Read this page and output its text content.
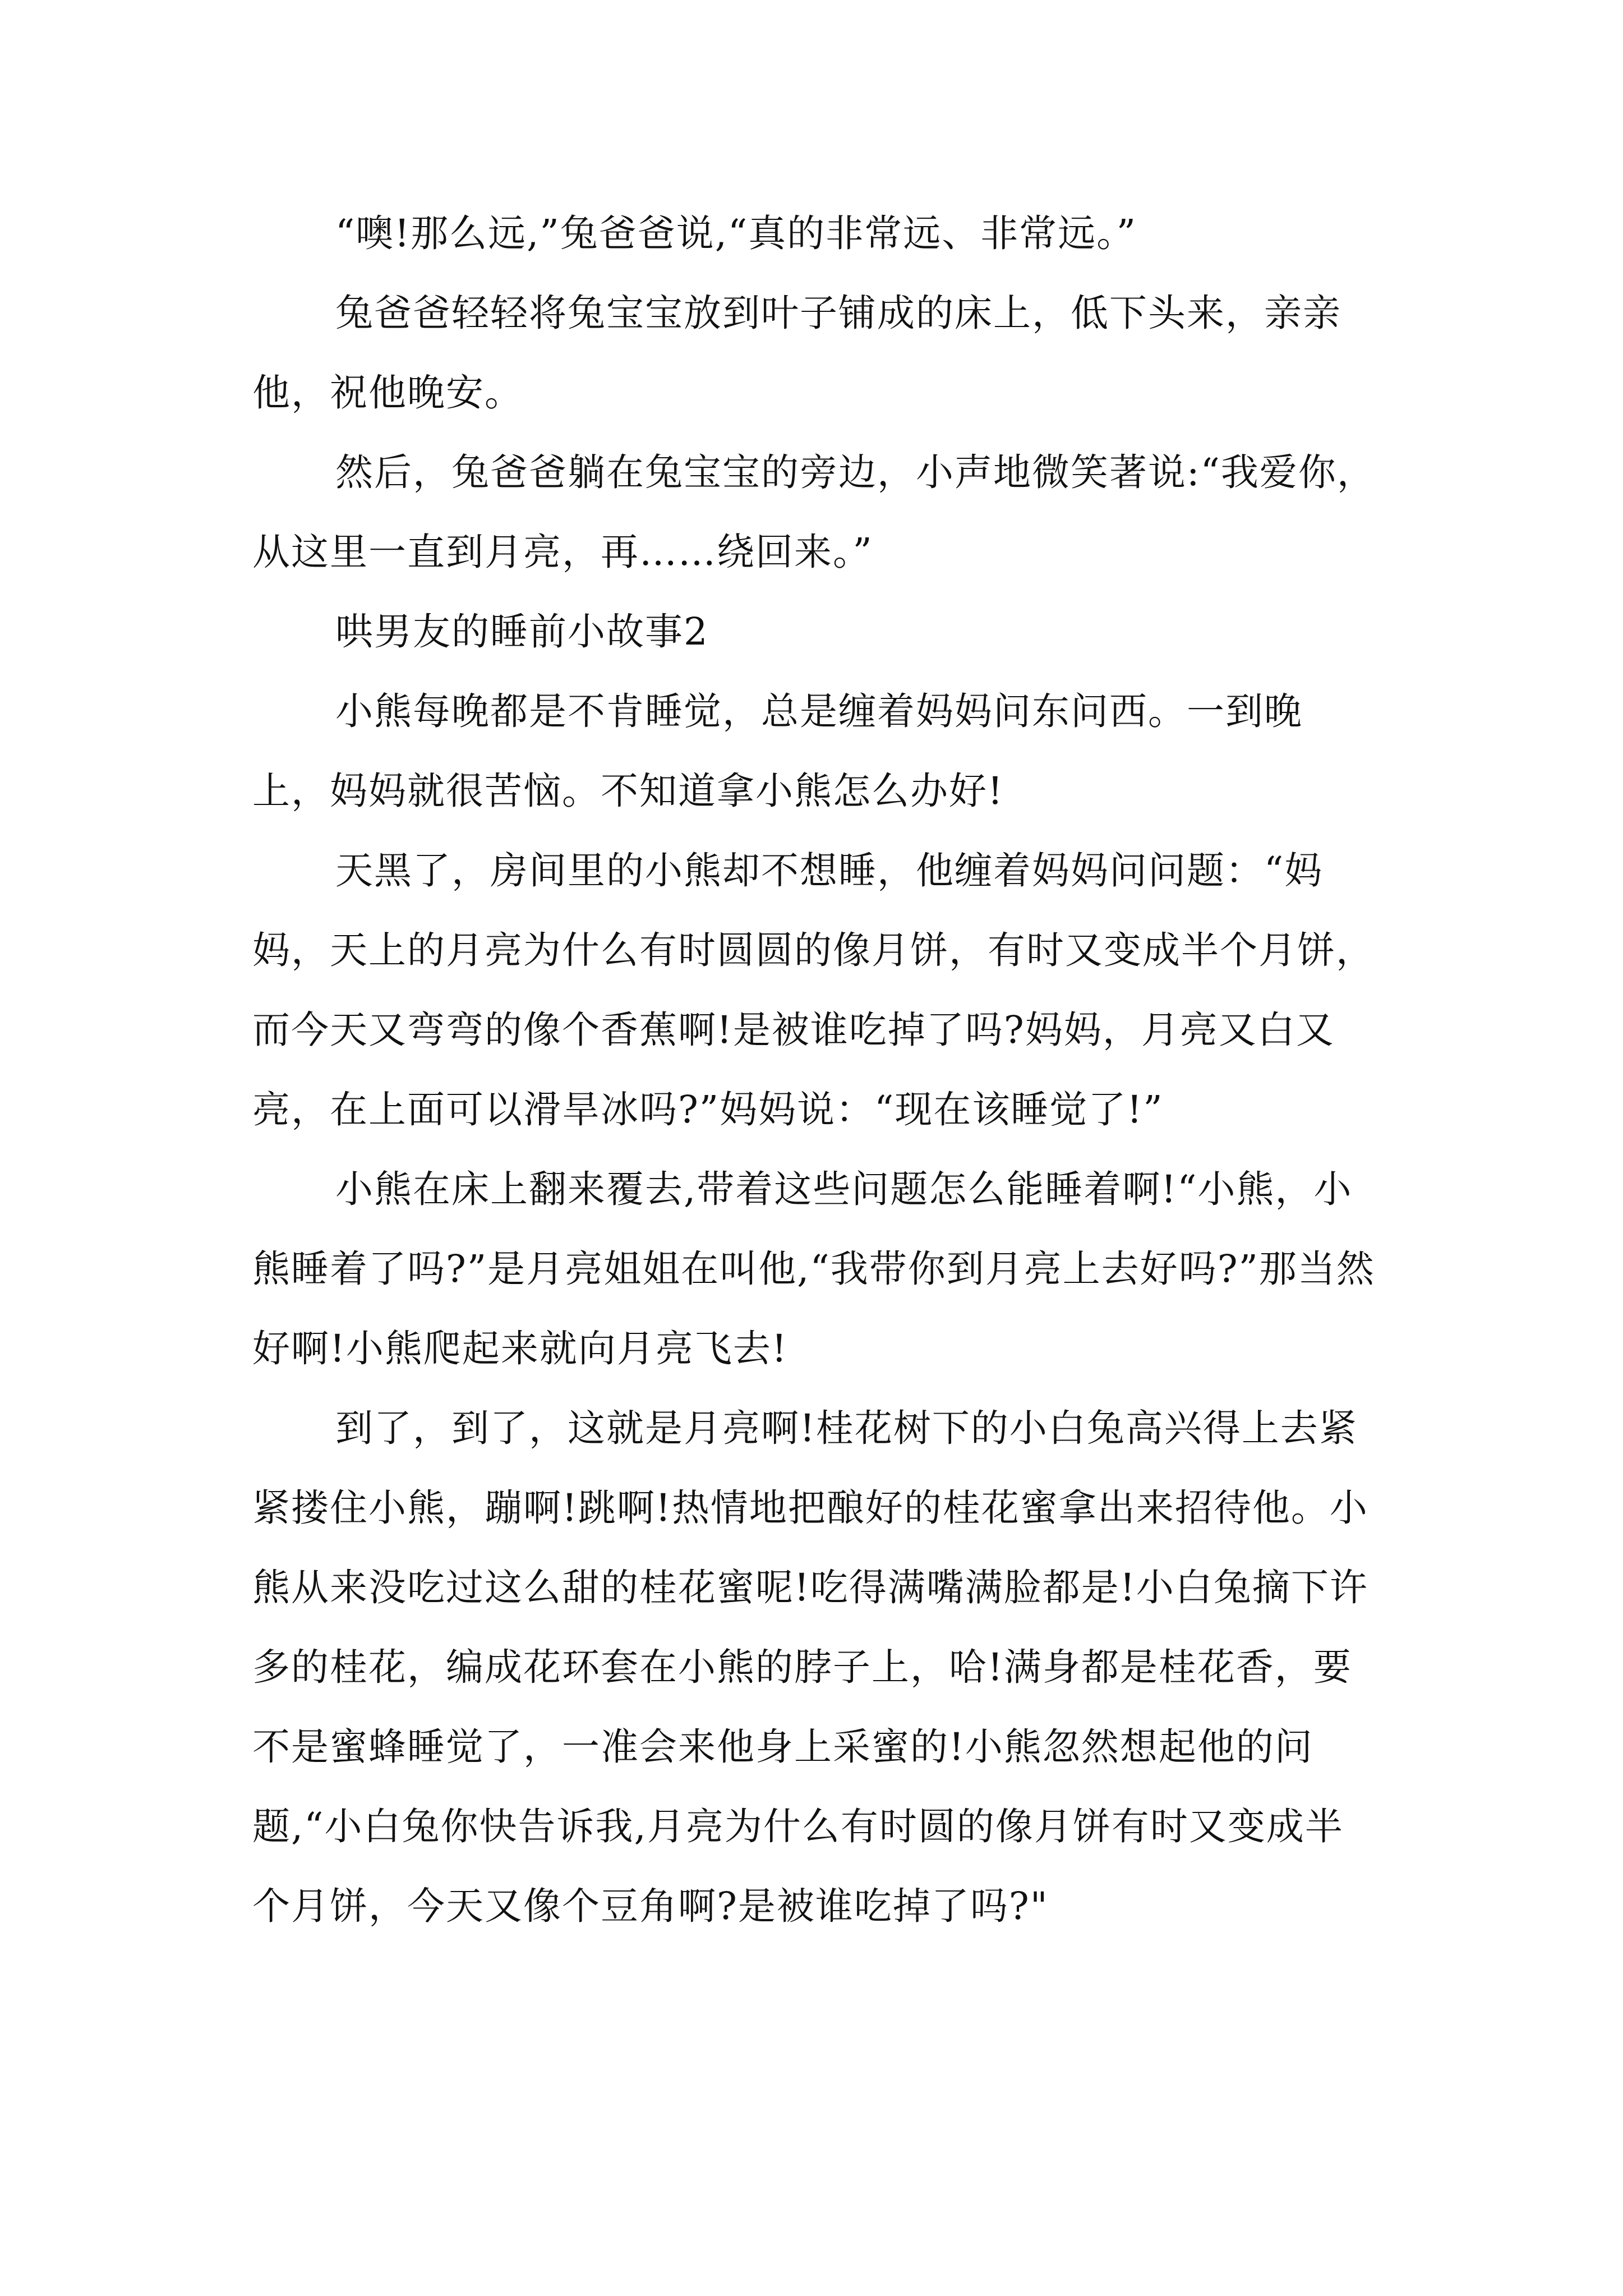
“噢!那么远,”兔爸爸说,“真的非常远、非常远。”

兔爸爸轻轻将兔宝宝放到叶子铺成的床上，低下头来，亲亲他，祝他晚安。

然后，兔爸爸躺在兔宝宝的旁边，小声地微笑著说:“我爱你，从这里一直到月亮，再……绕回来。”

哄男友的睡前小故事2

小熊每晚都是不肯睡觉，总是缠着妈妈问东问西。一到晚上，妈妈就很苦恼。不知道拿小熊怎么办好!

天黑了，房间里的小熊却不想睡，他缠着妈妈问问题：“妈妈，天上的月亮为什么有时圆圆的像月饼，有时又变成半个月饼，而今天又弯弯的像个香蕉啊!是被谁吃掉了吗?妈妈，月亮又白又亮，在上面可以滑旱冰吗?”妈妈说：“现在该睡觉了!”

小熊在床上翻来覆去,带着这些问题怎么能睡着啊!“小熊，小熊睡着了吗?”是月亮姐姐在叫他,“我带你到月亮上去好吗?”那当然好啊!小熊爬起来就向月亮飞去!

到了，到了，这就是月亮啊!桂花树下的小白兔高兴得上去紧紧搂住小熊，蹦啊!跳啊!热情地把酿好的桂花蜜拿出来招待他。小熊从来没吃过这么甜的桂花蜜呢!吃得满嘴满脸都是!小白兔摘下许多的桂花，编成花环套在小熊的脖子上，哈!满身都是桂花香，要不是蜜蜂睡觉了，一准会来他身上采蜜的!小熊忽然想起他的问题,“小白兔你快告诉我,月亮为什么有时圆的像月饼有时又变成半个月饼，今天又像个豆角啊?是被谁吃掉了吗?"
